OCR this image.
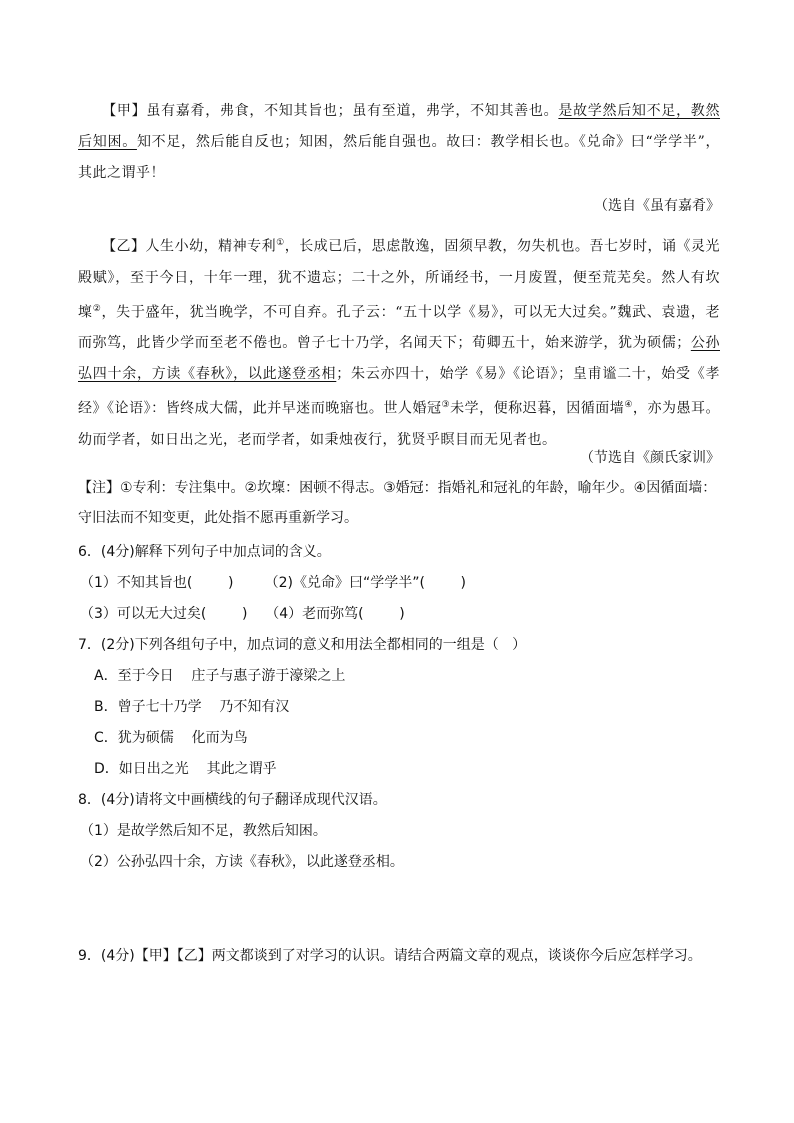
【甲】虽有嘉肴，弗食，不知其旨也；虽有至道，弗学，不知其善也。是故学然后知不足，教然后知困。知不足，然后能自反也；知困，然后能自强也。故曰：教学相长也。《兑命》曰“学学半”，其此之谓乎！
（选自《虽有嘉肴》
【乙】人生小幼，精神专利①，长成已后，思虑散逸，固须早教，勿失机也。吾七岁时，诵《灵光殿赋》，至于今日，十年一理，犹不遗忘；二十之外，所诵经书，一月废置，便至荒芜矣。然人有坎壈②，失于盛年，犹当晚学，不可自弃。孔子云：“五十以学《易》，可以无大过矣。”魏武、袁遗，老而弥笃，此皆少学而至老不倦也。曾子七十乃学，名闻天下；荀卿五十，始来游学，犹为硕儒；公孙弘四十余，方读《春秋》，以此遂登丞相；朱云亦四十，始学《易》《论语》；皇甫谧二十，始受《孝经》《论语》：皆终成大儒，此并早迷而晚寤也。世人婚冠③未学，便称迟暮，因循面墙④，亦为愚耳。幼而学者，如日出之光，老而学者，如秉烛夜行，犹贤乎瞑目而无见者也。
（节选自《颜氏家训》
【注】①专利：专注集中。②坎壈：困顿不得志。③婚冠：指婚礼和冠礼的年龄，喻年少。④因循面墙：守旧法而不知变更，此处指不愿再重新学习。
6．(4分)解释下列句子中加点词的含义。
（1）不知其旨也(        )       （2)《兑命》曰“学学半”(        )
（3）可以无大过矣(        )    （4）老而弥笃(        )
7．(2分)下列各组句子中，加点词的意义和用法全都相同的一组是（   ）
A．至于今日    庄子与惠子游于濠梁之上
B．曾子七十乃学    乃不知有汉
C．犹为硕儒    化而为鸟
D．如日出之光    其此之谓乎
8．(4分)请将文中画横线的句子翻译成现代汉语。
（1）是故学然后知不足，教然后知困。
（2）公孙弘四十余，方读《春秋》，以此遂登丞相。
9．(4分)【甲】【乙】两文都谈到了对学习的认识。请结合两篇文章的观点，谈谈你今后应怎样学习。
